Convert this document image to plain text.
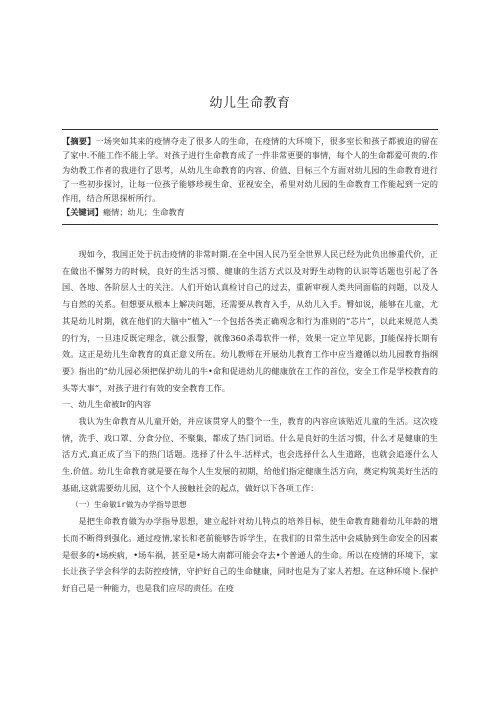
幼儿生命教育
【摘要】一场突如其来的疫情夺走了很多人的生命，在疫情的大环境下，很多室长和孩子都被迫的留在了家中.不能工作不能上学。对孩子进行生命教育成了一件非常更要的事情，每个人的生命都爱可贵的.作为幼教工作者的我进行了思考，从幼儿生命教育的内容、价值、目标三个方面对幼儿园的生命教育进行了一些初步探讨，让每一位孩子能够珍视生命、亚视安全，希里对幼儿园的生命教育工作能起到一定的作用，结合所思探析所行。
【关键词】瘢情；幼儿；生命教育

现如今，我国正处于抗击疫情的非常时期.在全中国人民乃至全世界人民已经为此负出惨重代价，正在做出不懈努力的时候，良好的生活习惯、健康的生活方式以及对野生动物的认识等话题也引起了各国、各地、各阶层人士的关注。人们开始认真检讨自己的过去，重新审视人类共同面临的问题，以及人与自然的关系。但想要从根本上解决问题，还需要从教育入手，从幼儿入手。臀如说，能够在儿童，尤其是幼儿时期，就在他们的大脑中“植入”一个包括各类正确观念和行为准则的“芯片”，以此来规范人类的行为，一旦违反既定理念，就公报警，就像360杀毒软件一样，效果一定立竿见影，JI能保持长期有效。这正是幼儿生命教育的真正意义所在。幼儿教师在开展幼儿教育工作中应当遵循以幼儿园教育指纲要》指出的“幼儿园必须把保护幼儿的牛•命和促进幼儿的健康放在工作的首位，安全工作是学校教育的头等大事“，对孩子进行有效的安全教育工作。

一、幼儿生命被Ir的内容

我认为生命教育从儿童开始，并应该贯穿人的整个一生，教育的内容应该贴近儿童的生活。这次疫情，洗手、戏口罩、分食分位、不聚集，都成了热门词语。什么是良好的生活习惯，什么才是健康的生活方式,真正成了当下的热门话题。选择了什么牛.活样式，也会选择什么人生道路，也就会追逐什么人生.价值。幼儿生命教育就是要在每个人生发展的初期，给他们指定健康生活方向，奠定构筑美好生活的基础,这就需要幼儿园，这个个人接触社会的起点，做好以下各项工作：

（一）生命敏ir做为办学指导思想

是把生命教育做为办学指导思想，建立起针对幼儿特点的培养目标，使生命教育随着幼儿年龄的增长而不断得到强化。通过疫情,家长和老前能够告诉学生，在我们的日常生活中会威胁到生命安全的因素是很多的•场疾病，•场车祸，甚至是•场大南都可能会夺去•个普通人的生命。所以在疫情的环境下，家长让孩子学会科学的去防控疫情，守护好自己的生命健康，同时也是为了家人若想。在这种环境卜.保护好自己是一种能力，也是我们应尽的责任。在疫
